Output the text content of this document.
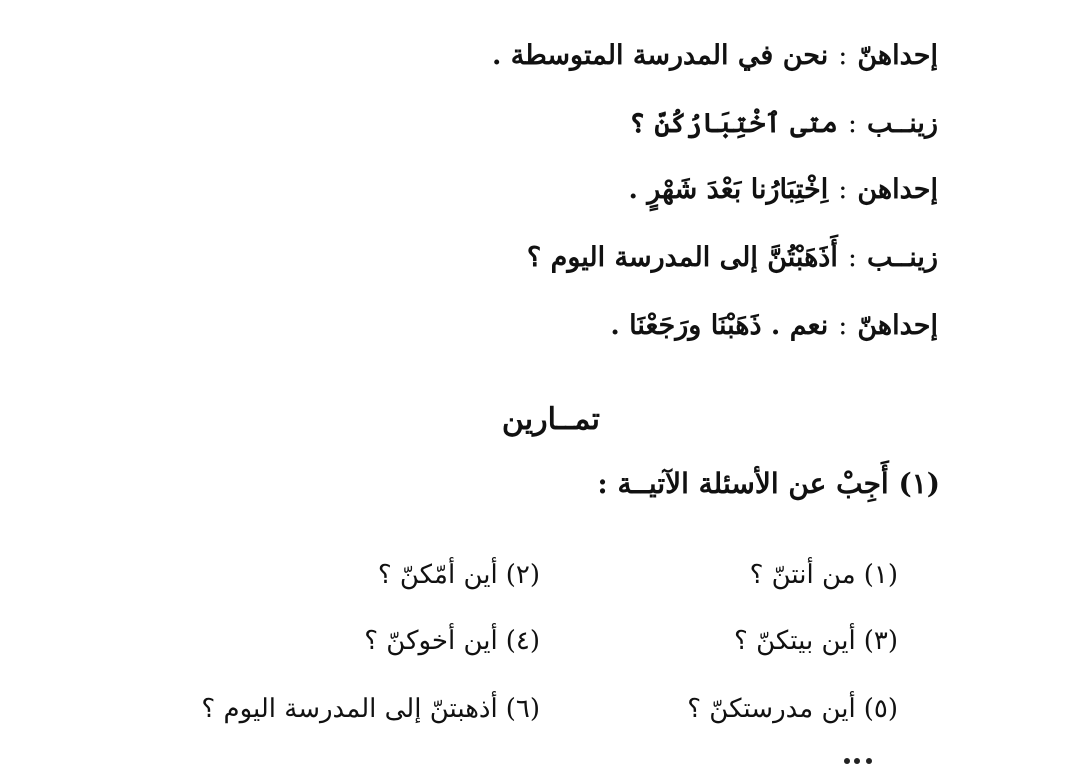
إحداهنّ:نحن في المدرسة المتوسطة .
زينــب:متى ٱخْتِبَارُكُنّ ؟
إحداهن:اِخْتِبَارُنا بَعْدَ شَهْرٍ .
زينــب:أَذَهَبْتُنَّ إلى المدرسة اليوم ؟
إحداهنّ:نعم . ذَهَبْنَا ورَجَعْنَا .
تمــارين
(١) أَجِبْ عن الأسئلة الآتيــة :
(١)من أنتنّ ؟
(٣)أين بيتكنّ ؟
(٥)أين مدرستكنّ ؟
(٢)أين أمّكنّ ؟
(٤)أين أخوكنّ ؟
(٦)أذهبتنّ إلى المدرسة اليوم ؟
